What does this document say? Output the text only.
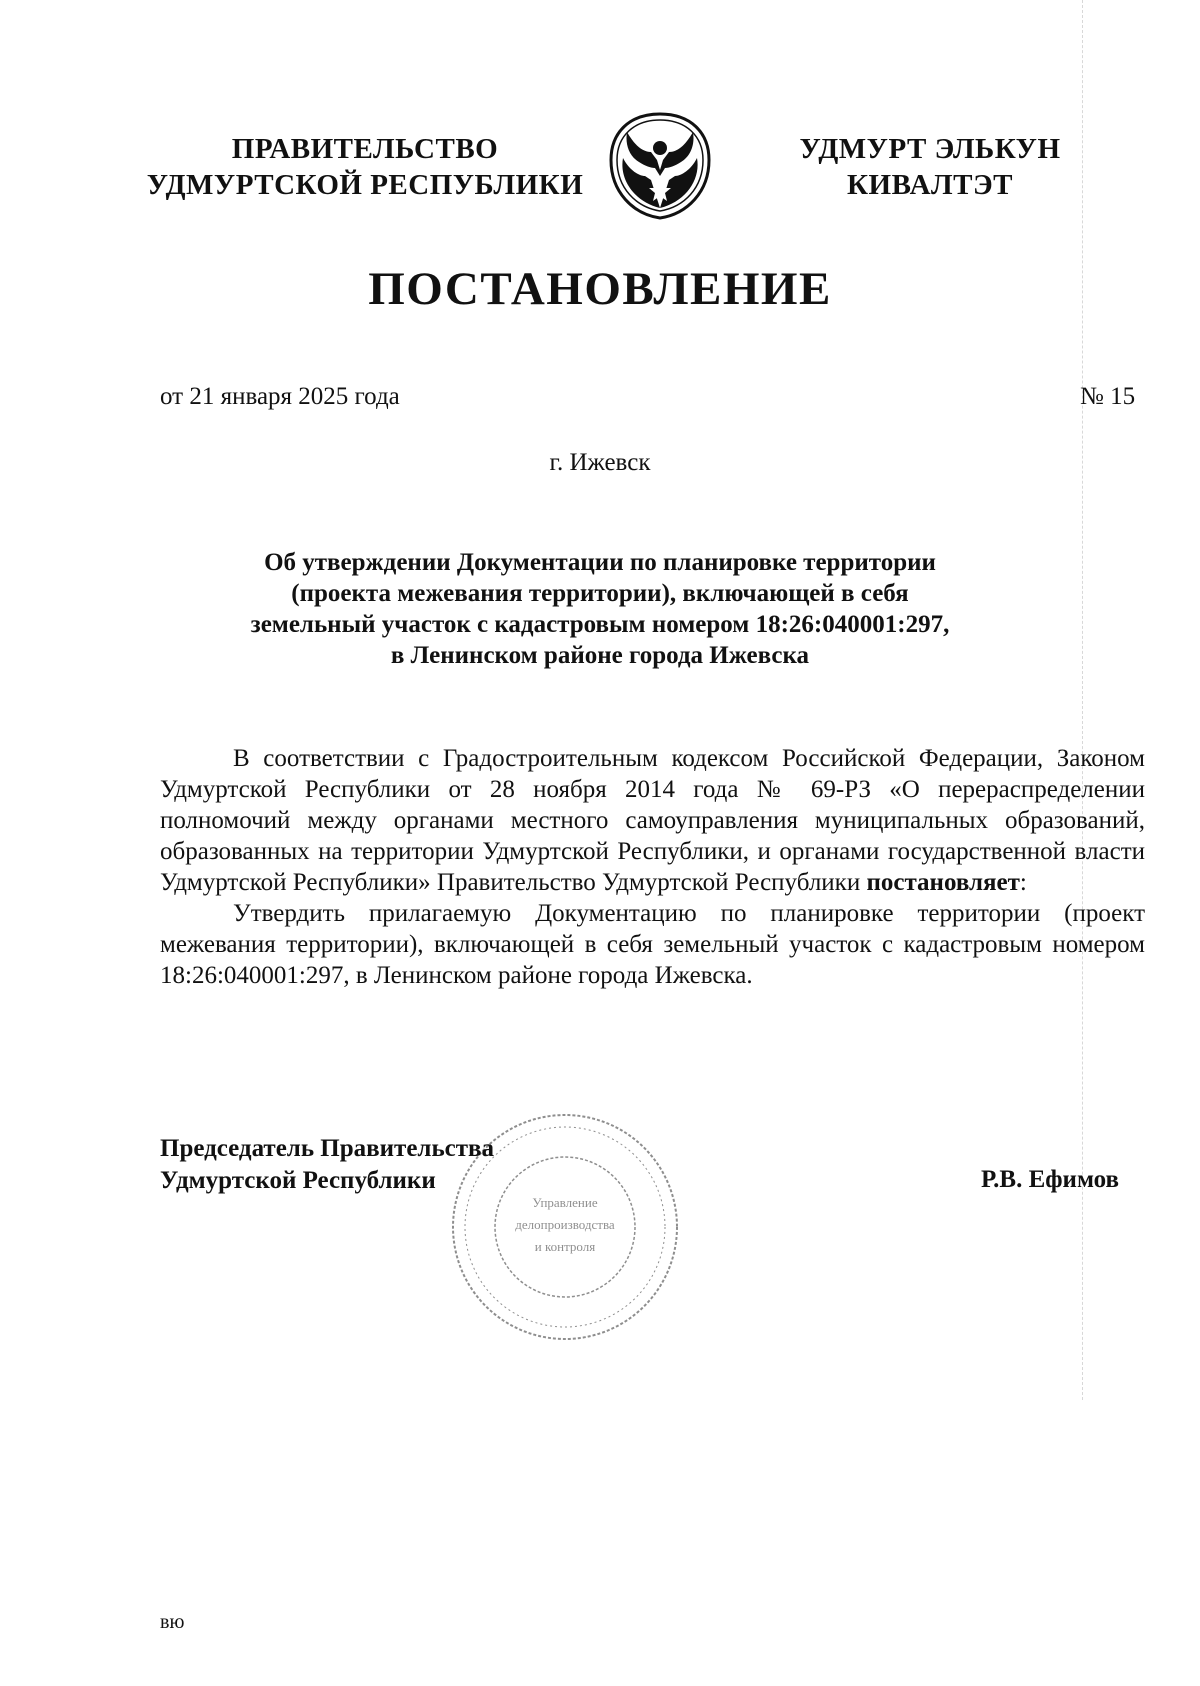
ПРАВИТЕЛЬСТВО
УДМУРТСКОЙ РЕСПУБЛИКИ
УДМУРТ ЭЛЬКУН
КИВАЛТЭТ
ПОСТАНОВЛЕНИЕ
от 21 января 2025 года	№ 15
г. Ижевск
Об утверждении Документации по планировке территории
(проекта межевания территории), включающей в себя
земельный участок с кадастровым номером 18:26:040001:297,
в Ленинском районе города Ижевска

В соответствии с Градостроительным кодексом Российской Федерации, Законом Удмуртской Республики от 28 ноября 2014 года № 69-РЗ «О перераспределении полномочий между органами местного самоуправления муниципальных образований, образованных на территории Удмуртской Республики, и органами государственной власти Удмуртской Республики» Правительство Удмуртской Республики постановляет:

Утвердить прилагаемую Документацию по планировке территории (проект межевания территории), включающей в себя земельный участок с кадастровым номером 18:26:040001:297, в Ленинском районе города Ижевска.

Управление
делопроизводства
и контроля
Председатель Правительства
Удмуртской Республики	Р.В. Ефимов
вю
